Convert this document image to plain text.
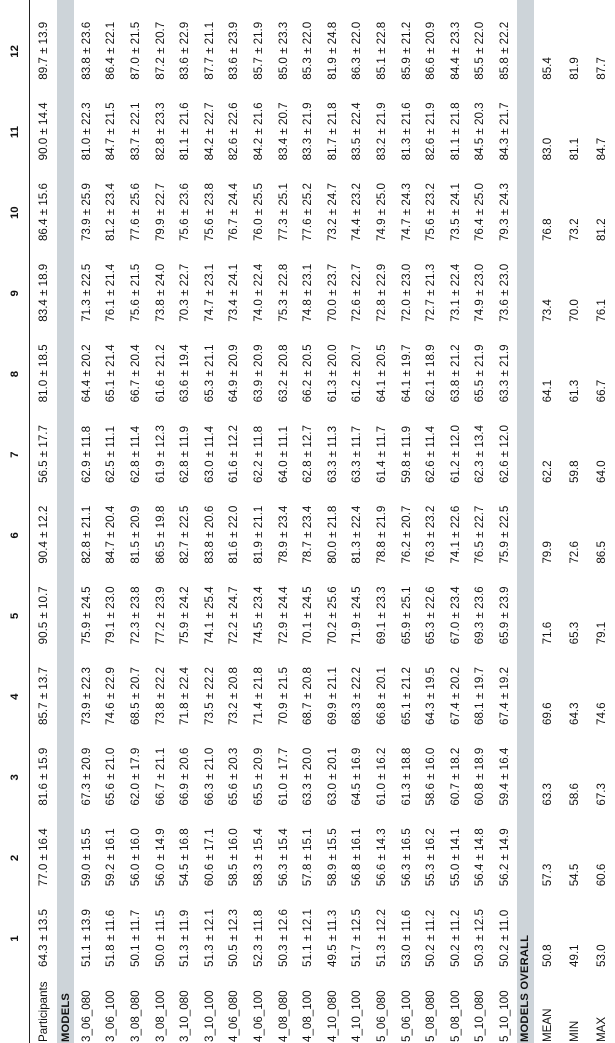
	1	2	3	4	5	6	7	8	9	10	11	12
Participants	64.3 ± 13.5	77.0 ± 16.4	81.6 ± 15.9	85.7 ± 13.7	90.5 ± 10.7	90.4 ± 12.2	56.5 ± 17.7	81.0 ± 18.5	83.4 ± 18.9	86.4 ± 15.6	90.0 ± 14.4	89.7 ± 13.9
MODELS												
3_06_080	51.1 ± 13.9	59.0 ± 15.5	67.3 ± 20.9	73.9 ± 22.3	75.9 ± 24.5	82.8 ± 21.1	62.9 ± 11.8	64.4 ± 20.2	71.3 ± 22.5	73.9 ± 25.9	81.0 ± 22.3	83.8 ± 23.6
3_06_100	51.8 ± 11.6	59.2 ± 16.1	65.6 ± 21.0	74.6 ± 22.9	79.1 ± 23.0	84.7 ± 20.4	62.5 ± 11.1	65.1 ± 21.4	76.1 ± 21.4	81.2 ± 23.4	84.7 ± 21.5	86.4 ± 22.1
3_08_080	50.1 ± 11.7	56.0 ± 16.0	62.0 ± 17.9	68.5 ± 20.7	72.3 ± 23.8	81.5 ± 20.9	62.8 ± 11.4	66.7 ± 20.4	75.6 ± 21.5	77.6 ± 25.6	83.7 ± 22.1	87.0 ± 21.5
3_08_100	50.0 ± 11.5	56.0 ± 14.9	66.7 ± 21.1	73.8 ± 22.2	77.2 ± 23.9	86.5 ± 19.8	61.9 ± 12.3	61.6 ± 21.2	73.8 ± 24.0	79.9 ± 22.7	82.8 ± 23.3	87.2 ± 20.7
3_10_080	51.3 ± 11.9	54.5 ± 16.8	66.9 ± 20.6	71.8 ± 22.4	75.9 ± 24.2	82.7 ± 22.5	62.8 ± 11.9	63.6 ± 19.4	70.3 ± 22.7	75.6 ± 23.6	81.1 ± 21.6	83.6 ± 22.9
3_10_100	51.3 ± 12.1	60.6 ± 17.1	66.3 ± 21.0	73.5 ± 22.2	74.1 ± 25.4	83.8 ± 20.6	63.0 ± 11.4	65.3 ± 21.1	74.7 ± 23.1	75.6 ± 23.8	84.2 ± 22.7	87.7 ± 21.1
4_06_080	50.5 ± 12.3	58.5 ± 16.0	65.6 ± 20.3	73.2 ± 20.8	72.2 ± 24.7	81.6 ± 22.0	61.6 ± 12.2	64.9 ± 20.9	73.4 ± 24.1	76.7 ± 24.4	82.6 ± 22.6	83.6 ± 23.9
4_06_100	52.3 ± 11.8	58.3 ± 15.4	65.5 ± 20.9	71.4 ± 21.8	74.5 ± 23.4	81.9 ± 21.1	62.2 ± 11.8	63.9 ± 20.9	74.0 ± 22.4	76.0 ± 25.5	84.2 ± 21.6	85.7 ± 21.9
4_08_080	50.3 ± 12.6	56.3 ± 15.4	61.0 ± 17.7	70.9 ± 21.5	72.9 ± 24.4	78.9 ± 23.4	64.0 ± 11.1	63.2 ± 20.8	75.3 ± 22.8	77.3 ± 25.1	83.4 ± 20.7	85.0 ± 23.3
4_08_100	51.1 ± 12.1	57.8 ± 15.1	63.3 ± 20.0	68.7 ± 20.8	70.1 ± 24.5	78.7 ± 23.4	62.8 ± 12.7	66.2 ± 20.5	74.8 ± 23.1	77.6 ± 25.2	83.3 ± 21.9	85.3 ± 22.0
4_10_080	49.5 ± 11.3	58.9 ± 15.5	63.0 ± 20.1	69.9 ± 21.1	70.2 ± 25.6	80.0 ± 21.8	63.3 ± 11.3	61.3 ± 20.0	70.0 ± 23.7	73.2 ± 24.7	81.7 ± 21.8	81.9 ± 24.8
4_10_100	51.7 ± 12.5	56.8 ± 16.1	64.5 ± 16.9	68.3 ± 22.2	71.9 ± 24.5	81.3 ± 22.4	63.3 ± 11.7	61.2 ± 20.7	72.6 ± 22.7	74.4 ± 23.2	83.5 ± 22.4	86.3 ± 22.0
5_06_080	51.3 ± 12.2	56.6 ± 14.3	61.0 ± 16.2	66.8 ± 20.1	69.1 ± 23.3	78.8 ± 21.9	61.4 ± 11.7	64.1 ± 20.5	72.8 ± 22.9	74.9 ± 25.0	83.2 ± 21.9	85.1 ± 22.8
5_06_100	53.0 ± 11.6	56.3 ± 16.5	61.3 ± 18.8	65.1 ± 21.2	65.9 ± 25.1	76.2 ± 20.7	59.8 ± 11.9	64.1 ± 19.7	72.0 ± 23.0	74.7 ± 24.3	81.3 ± 21.6	85.9 ± 21.2
5_08_080	50.2 ± 11.2	55.3 ± 16.2	58.6 ± 16.0	64.3 ± 19.5	65.3 ± 22.6	76.3 ± 23.2	62.6 ± 11.4	62.1 ± 18.9	72.7 ± 21.3	75.6 ± 23.2	82.6 ± 21.9	86.6 ± 20.9
5_08_100	50.2 ± 11.2	55.0 ± 14.1	60.7 ± 18.2	67.4 ± 20.2	67.0 ± 23.4	74.1 ± 22.6	61.2 ± 12.0	63.8 ± 21.2	73.1 ± 22.4	73.5 ± 24.1	81.1 ± 21.8	84.4 ± 23.3
5_10_080	50.3 ± 12.5	56.4 ± 14.8	60.8 ± 18.9	68.1 ± 19.7	69.3 ± 23.6	76.5 ± 22.7	62.3 ± 13.4	65.5 ± 21.9	74.9 ± 23.0	76.4 ± 25.0	84.5 ± 20.3	85.5 ± 22.0
5_10_100	50.2 ± 11.0	56.2 ± 14.9	59.4 ± 16.4	67.4 ± 19.2	65.9 ± 23.9	75.9 ± 22.5	62.6 ± 12.0	63.3 ± 21.9	73.6 ± 23.0	79.3 ± 24.3	84.3 ± 21.7	85.8 ± 22.2
MODELS OVERALL												
MEAN	50.8	57.3	63.3	69.6	71.6	79.9	62.2	64.1	73.4	76.8	83.0	85.4
MIN	49.1	54.5	58.6	64.3	65.3	72.6	59.8	61.3	70.0	73.2	81.1	81.9
MAX	53.0	60.6	67.3	74.6	79.1	86.5	64.0	66.7	76.1	81.2	84.7	87.7
